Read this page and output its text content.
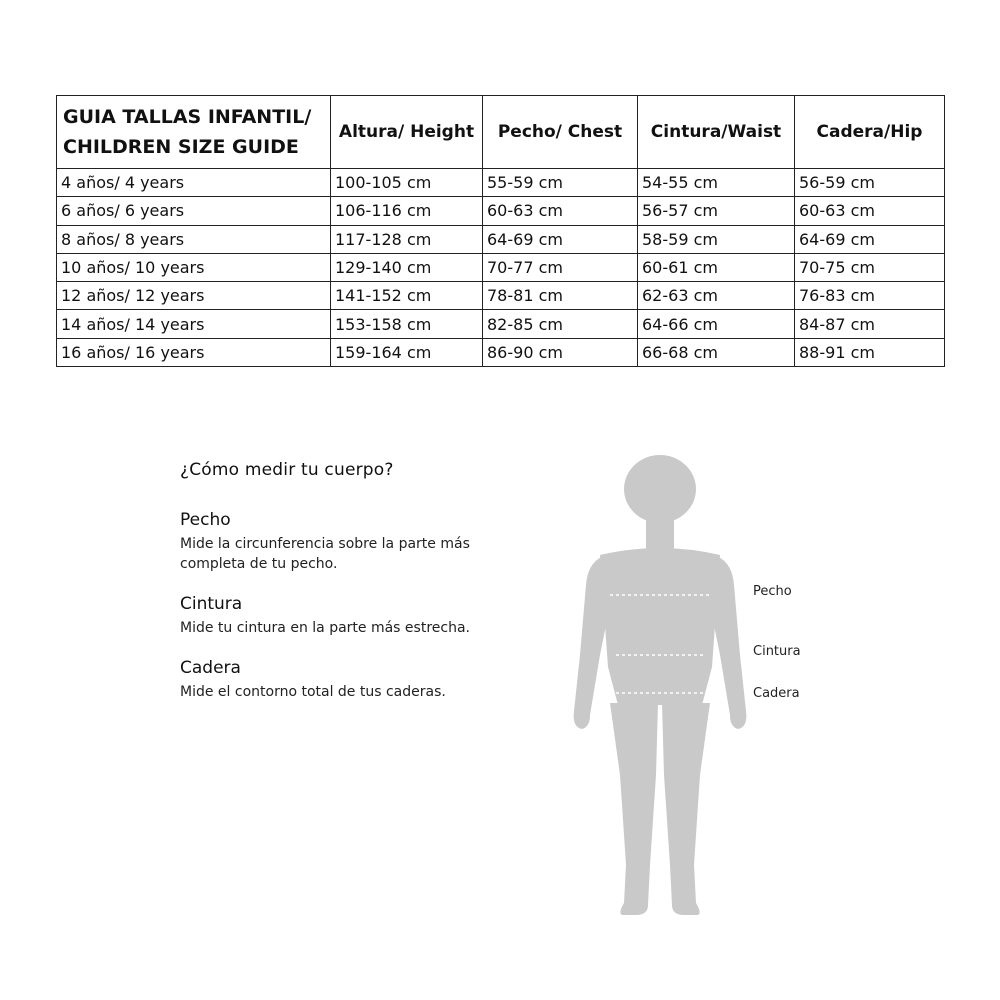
GUIA TALLAS INFANTIL/
CHILDREN SIZE GUIDE	Altura/ Height	Pecho/ Chest	Cintura/Waist	Cadera/Hip
4 años/ 4 years	100-105 cm	55-59 cm	54-55 cm	56-59 cm
6 años/ 6 years	106-116 cm	60-63 cm	56-57 cm	60-63 cm
8 años/ 8 years	117-128 cm	64-69 cm	58-59 cm	64-69 cm
10 años/ 10 years	129-140 cm	70-77 cm	60-61 cm	70-75 cm
12 años/ 12 years	141-152 cm	78-81 cm	62-63 cm	76-83 cm
14 años/ 14 years	153-158 cm	82-85 cm	64-66 cm	84-87 cm
16 años/ 16 years	159-164 cm	86-90 cm	66-68 cm	88-91 cm
¿Cómo medir tu cuerpo?
Pecho

Mide la circunferencia sobre la parte más
completa de tu pecho.

Cintura

Mide tu cintura en la parte más estrecha.

Cadera

Mide el contorno total de tus caderas.

Pecho
Cintura
Cadera
